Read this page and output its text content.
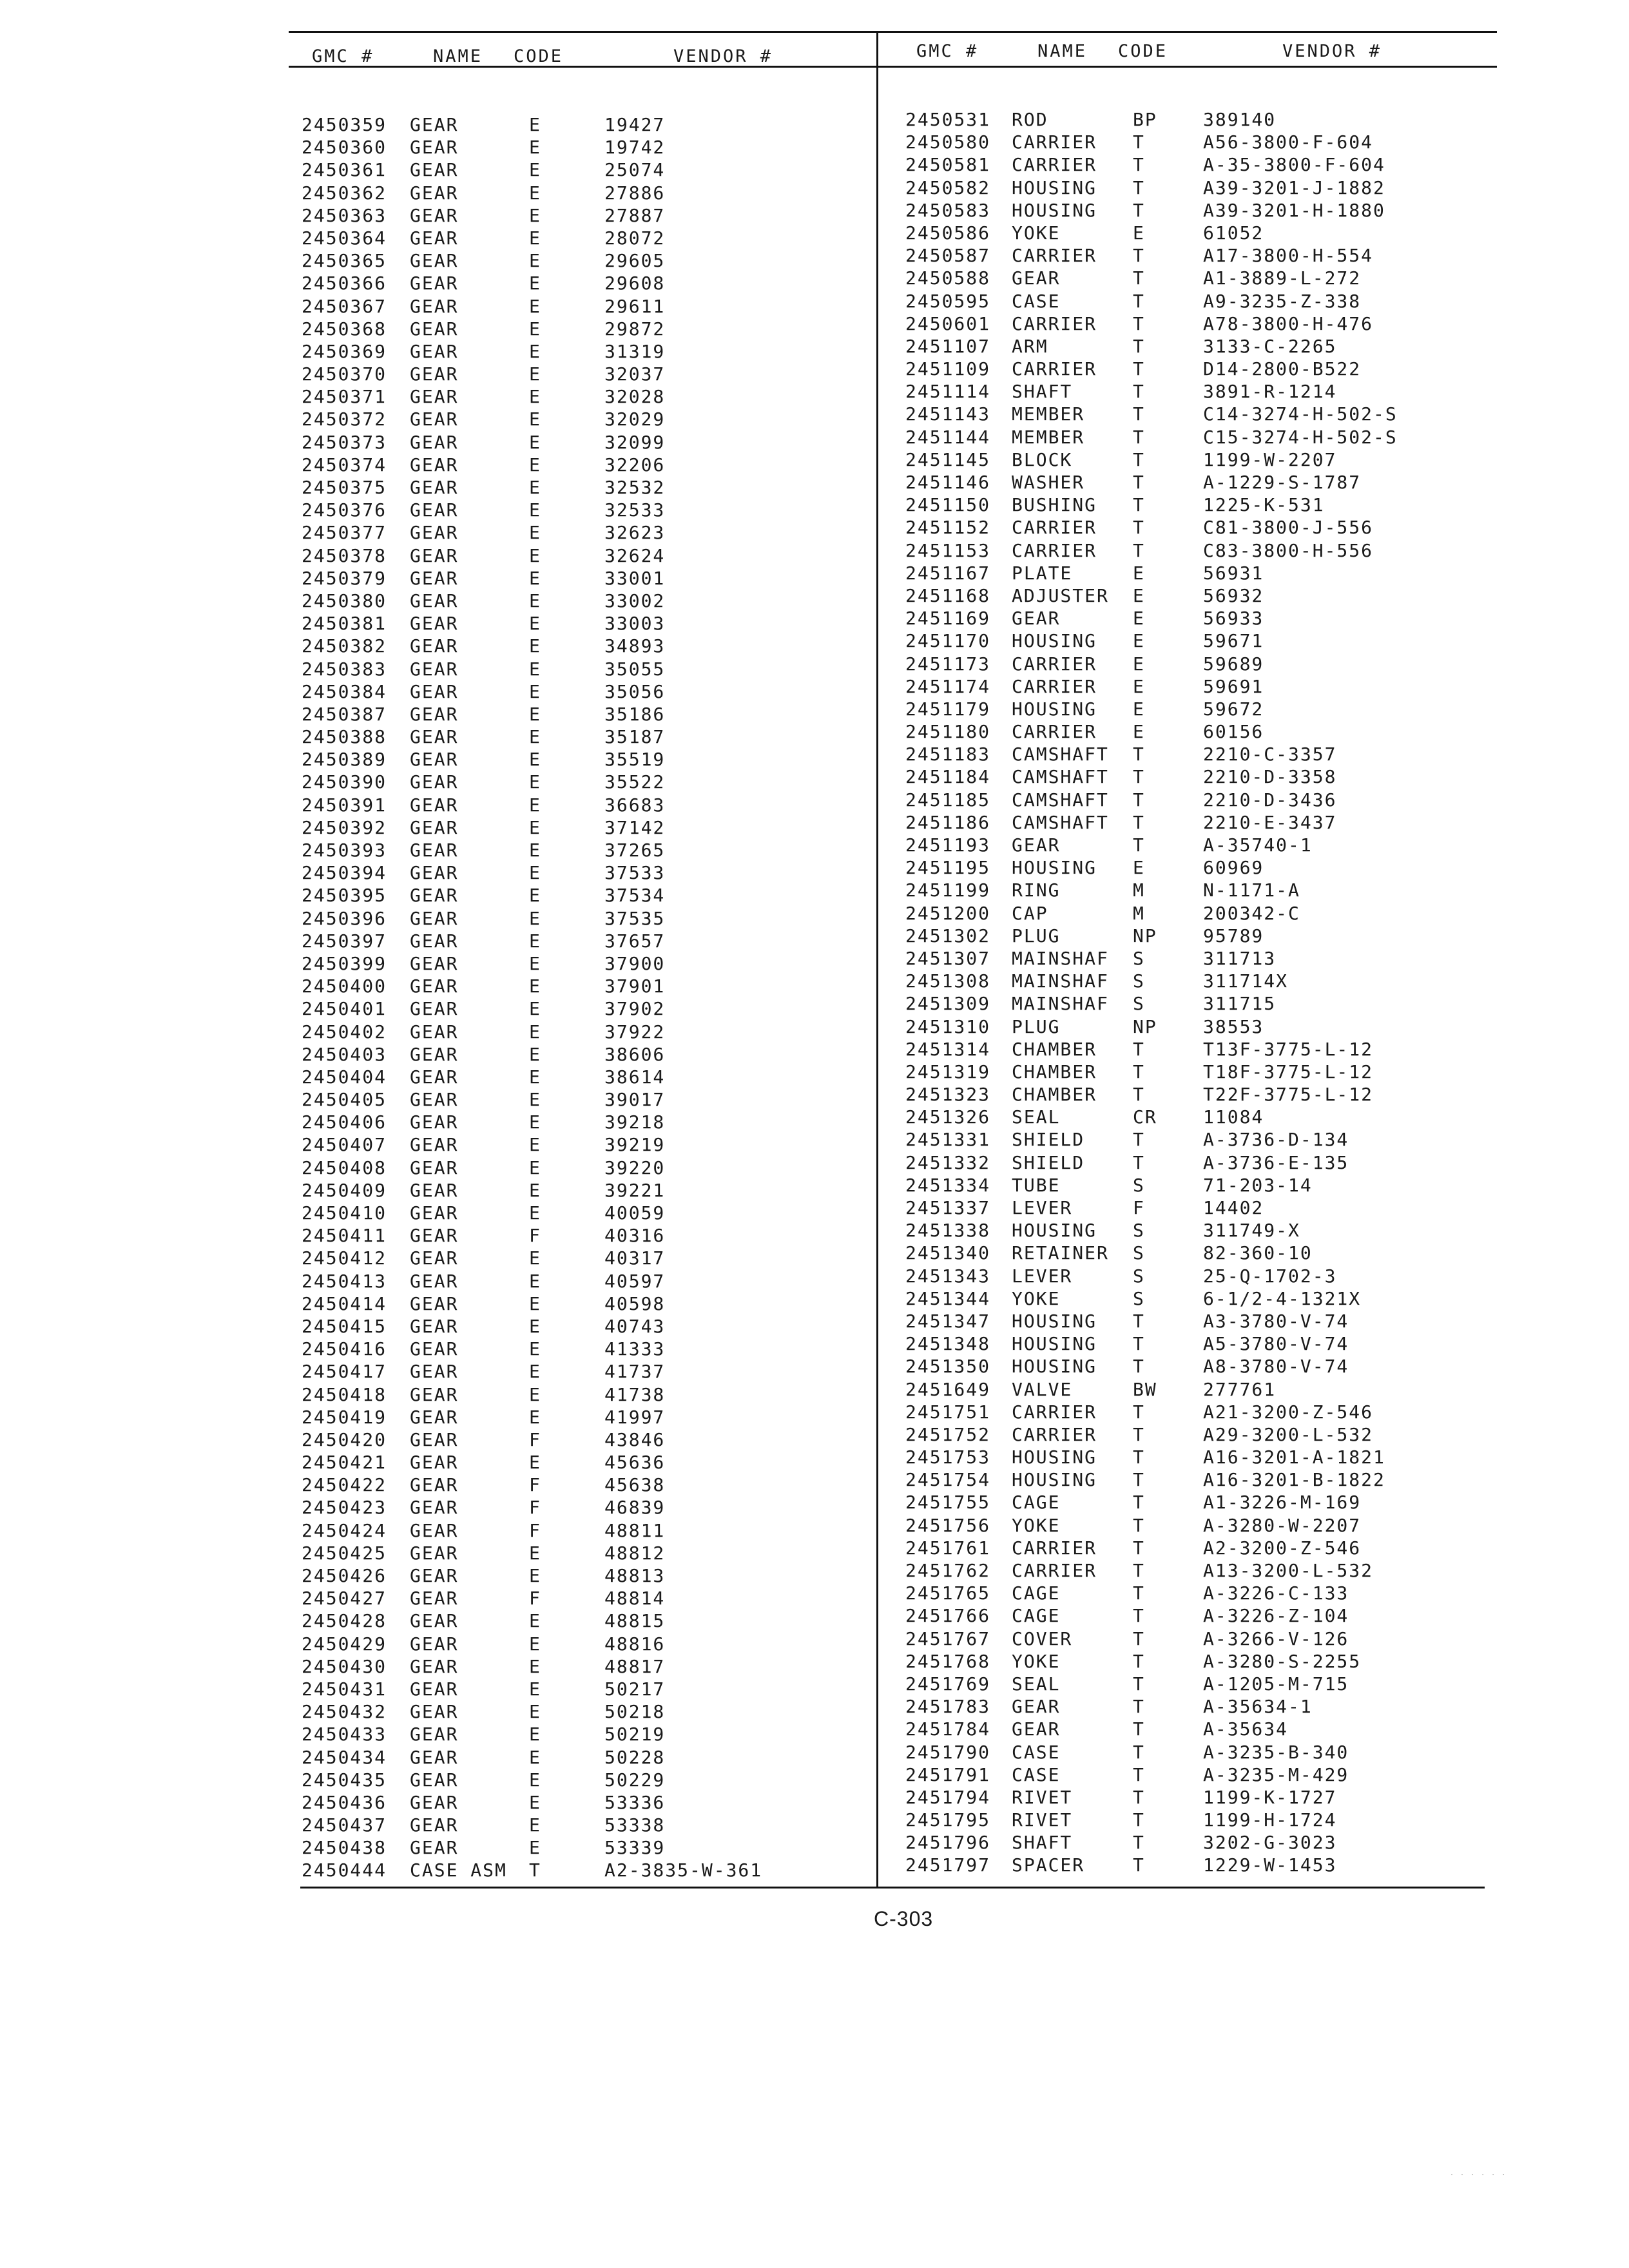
GMC #	NAME CODE	VENDOR #	GMC #	NAME CODE	VENDOR #
2450359 GEAR	E	19427
2450360 GEAR	E	19742
2450361 GEAR	E	25074
2450362 GEAR	E	27886
2450363 GEAR	E	27887
2450364 GEAR	E	28072
2450365 GEAR	E	29605
2450366 GEAR	E	29608
2450367 GEAR	E	29611
2450368 GEAR	E	29872
2450369 GEAR	E	31319
2450370 GEAR	E	32037
2450371 GEAR	E	32028
2450372 GEAR	E	32029
2450373 GEAR	E	32099
2450374 GEAR	E	32206
2450375 GEAR	E	32532
2450376 GEAR	E	32533
2450377 GEAR	E	32623
2450378 GEAR	E	32624
2450379 GEAR	E	33001
2450380 GEAR	E	33002
2450381 GEAR	E	33003
2450382 GEAR	E	34893
2450383 GEAR	E	35055
2450384 GEAR	E	35056
2450387 GEAR	E	35186
2450388 GEAR	E	35187
2450389 GEAR	E	35519
2450390 GEAR	E	35522
2450391 GEAR	E	36683
2450392 GEAR	E	37142
2450393 GEAR	E	37265
2450394 GEAR	E	37533
2450395 GEAR	E	37534
2450396 GEAR	E	37535
2450397 GEAR	E	37657
2450399 GEAR	E	37900
2450400 GEAR	E	37901
2450401 GEAR	E	37902
2450402 GEAR	E	37922
2450403 GEAR	E	38606
2450404 GEAR	E	38614
2450405 GEAR	E	39017
2450406 GEAR	E	39218
2450407 GEAR	E	39219
2450408 GEAR	E	39220
2450409 GEAR	E	39221
2450410 GEAR	E	40059
2450411 GEAR	F	40316
2450412 GEAR	E	40317
2450413 GEAR	E	40597
2450414 GEAR	E	40598
2450415 GEAR	E	40743
2450416 GEAR	E	41333
2450417 GEAR	E	41737
2450418 GEAR	E	41738
2450419 GEAR	E	41997
2450420 GEAR	F	43846
2450421 GEAR	E	45636
2450422 GEAR	F	45638
2450423 GEAR	F	46839
2450424 GEAR	F	48811
2450425 GEAR	E	48812
2450426 GEAR	E	48813
2450427 GEAR	F	48814
2450428 GEAR	E	48815
2450429 GEAR	E	48816
2450430 GEAR	E	48817
2450431 GEAR	E	50217
2450432 GEAR	E	50218
2450433 GEAR	E	50219
2450434 GEAR	E	50228
2450435 GEAR	E	50229
2450436 GEAR	E	53336
2450437 GEAR	E	53338
2450438 GEAR	E	53339
2450444 CASE ASM T	A2-3835-W-361
2450531 ROD	BP	389140
2450580 CARRIER T	A56-3800-F-604
2450581 CARRIER T	A-35-3800-F-604
2450582 HOUSING T	A39-3201-J-1882
2450583 HOUSING T	A39-3201-H-1880
2450586 YOKE	E	61052
2450587 CARRIER T	A17-3800-H-554
2450588 GEAR	T	A1-3889-L-272
2450595 CASE	T	A9-3235-Z-338
2450601 CARRIER T	A78-3800-H-476
2451107 ARM	T	3133-C-2265
2451109 CARRIER T	D14-2800-B522
2451114 SHAFT	T	3891-R-1214
2451143 MEMBER	T	C14-3274-H-502-S
2451144 MEMBER	T	C15-3274-H-502-S
2451145 BLOCK	T	1199-W-2207
2451146 WASHER	T	A-1229-S-1787
2451150 BUSHING T	1225-K-531
2451152 CARRIER T	C81-3800-J-556
2451153 CARRIER T	C83-3800-H-556
2451167 PLATE	E	56931
2451168 ADJUSTER E	56932
2451169 GEAR	E	56933
2451170 HOUSING E	59671
2451173 CARRIER E	59689
2451174 CARRIER E	59691
2451179 HOUSING E	59672
2451180 CARRIER E	60156
2451183 CAMSHAFT T	2210-C-3357
2451184 CAMSHAFT T	2210-D-3358
2451185 CAMSHAFT T	2210-D-3436
2451186 CAMSHAFT T	2210-E-3437
2451193 GEAR	T	A-35740-1
2451195 HOUSING E	60969
2451199 RING	M	N-1171-A
2451200 CAP	M	200342-C
2451302 PLUG	NP	95789
2451307 MAINSHAF S	311713
2451308 MAINSHAF S	311714X
2451309 MAINSHAF S	311715
2451310 PLUG	NP	38553
2451314 CHAMBER T	T13F-3775-L-12
2451319 CHAMBER T	T18F-3775-L-12
2451323 CHAMBER T	T22F-3775-L-12
2451326 SEAL	CR	11084
2451331 SHIELD	T	A-3736-D-134
2451332 SHIELD	T	A-3736-E-135
2451334 TUBE	S	71-203-14
2451337 LEVER	F	14402
2451338 HOUSING S	311749-X
2451340 RETAINER S	82-360-10
2451343 LEVER	S	25-Q-1702-3
2451344 YOKE	S	6-1/2-4-1321X
2451347 HOUSING T	A3-3780-V-74
2451348 HOUSING T	A5-3780-V-74
2451350 HOUSING T	A8-3780-V-74
2451649 VALVE	BW	277761
2451751 CARRIER T	A21-3200-Z-546
2451752 CARRIER T	A29-3200-L-532
2451753 HOUSING T	A16-3201-A-1821
2451754 HOUSING T	A16-3201-B-1822
2451755 CAGE	T	A1-3226-M-169
2451756 YOKE	T	A-3280-W-2207
2451761 CARRIER T	A2-3200-Z-546
2451762 CARRIER T	A13-3200-L-532
2451765 CAGE	T	A-3226-C-133
2451766 CAGE	T	A-3226-Z-104
2451767 COVER	T	A-3266-V-126
2451768 YOKE	T	A-3280-S-2255
2451769 SEAL	T	A-1205-M-715
2451783 GEAR	T	A-35634-1
2451784 GEAR	T	A-35634
2451790 CASE	T	A-3235-B-340
2451791 CASE	T	A-3235-M-429
2451794 RIVET	T	1199-K-1727
2451795 RIVET	T	1199-H-1724
2451796 SHAFT	T	3202-G-3023
2451797 SPACER	T	1229-W-1453
C-303
· · · · · ·
